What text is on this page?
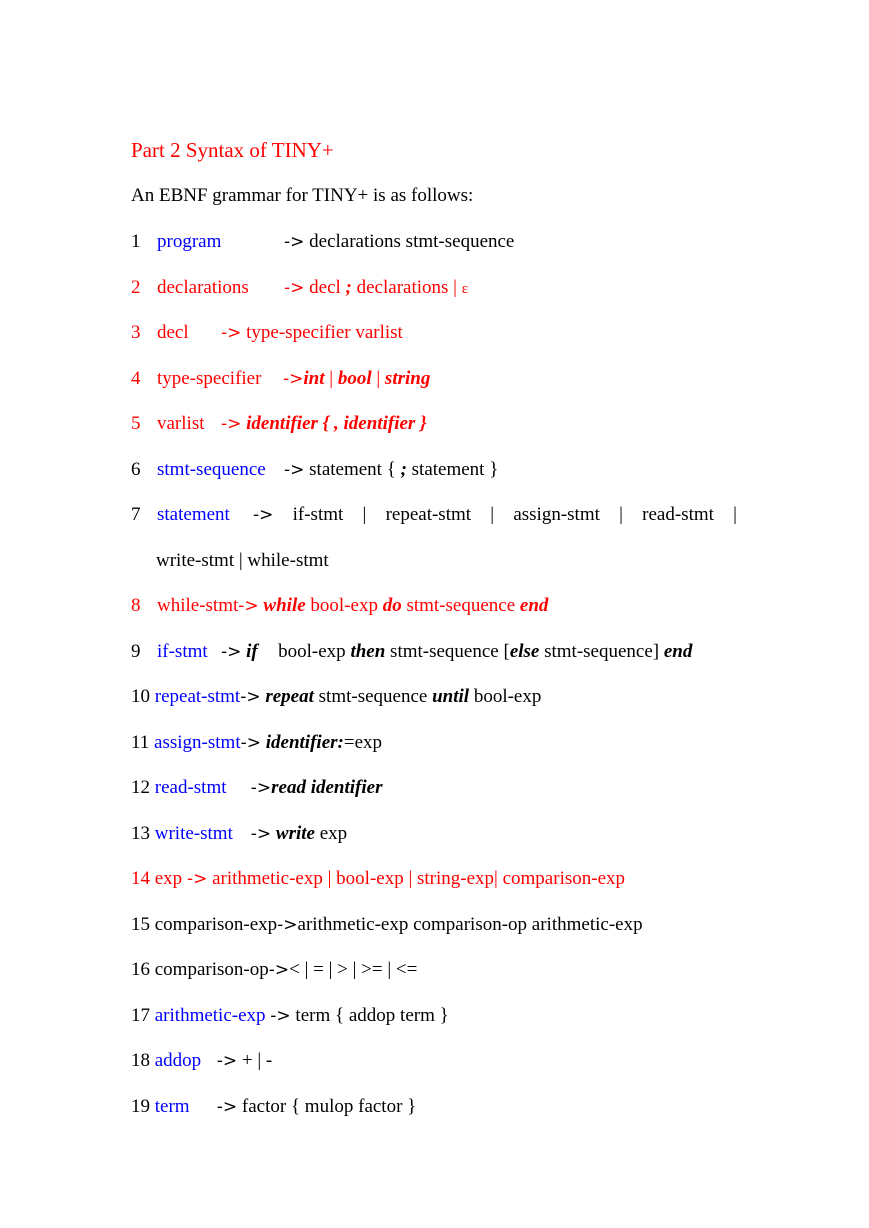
Part 2 Syntax of TINY+
An EBNF grammar for TINY+ is as follows:
1 program	-> declarations stmt-sequence
2 declarations -> decl ; declarations | ε
3 decl -> type-specifier varlist
4 type-specifier ->int | bool | string
5 varlist -> identifier { , identifier }
6 stmt-sequence -> statement { ; statement }
7 statement -> if-stmt | repeat-stmt | assign-stmt | read-stmt |
write-stmt | while-stmt
8 while-stmt-> while bool-exp do stmt-sequence end
9 if-stmt -> if bool-exp then stmt-sequence [else stmt-sequence] end
10 repeat-stmt-> repeat stmt-sequence until bool-exp
11 assign-stmt-> identifier:=exp
12 read-stmt ->read identifier
13 write-stmt -> write exp
14 exp -> arithmetic-exp | bool-exp | string-exp| comparison-exp
15 comparison-exp->arithmetic-exp comparison-op arithmetic-exp
16 comparison-op->< | = | > | >= | <=
17 arithmetic-exp -> term { addop term }
18 addop -> + | -
19 term -> factor { mulop factor }
